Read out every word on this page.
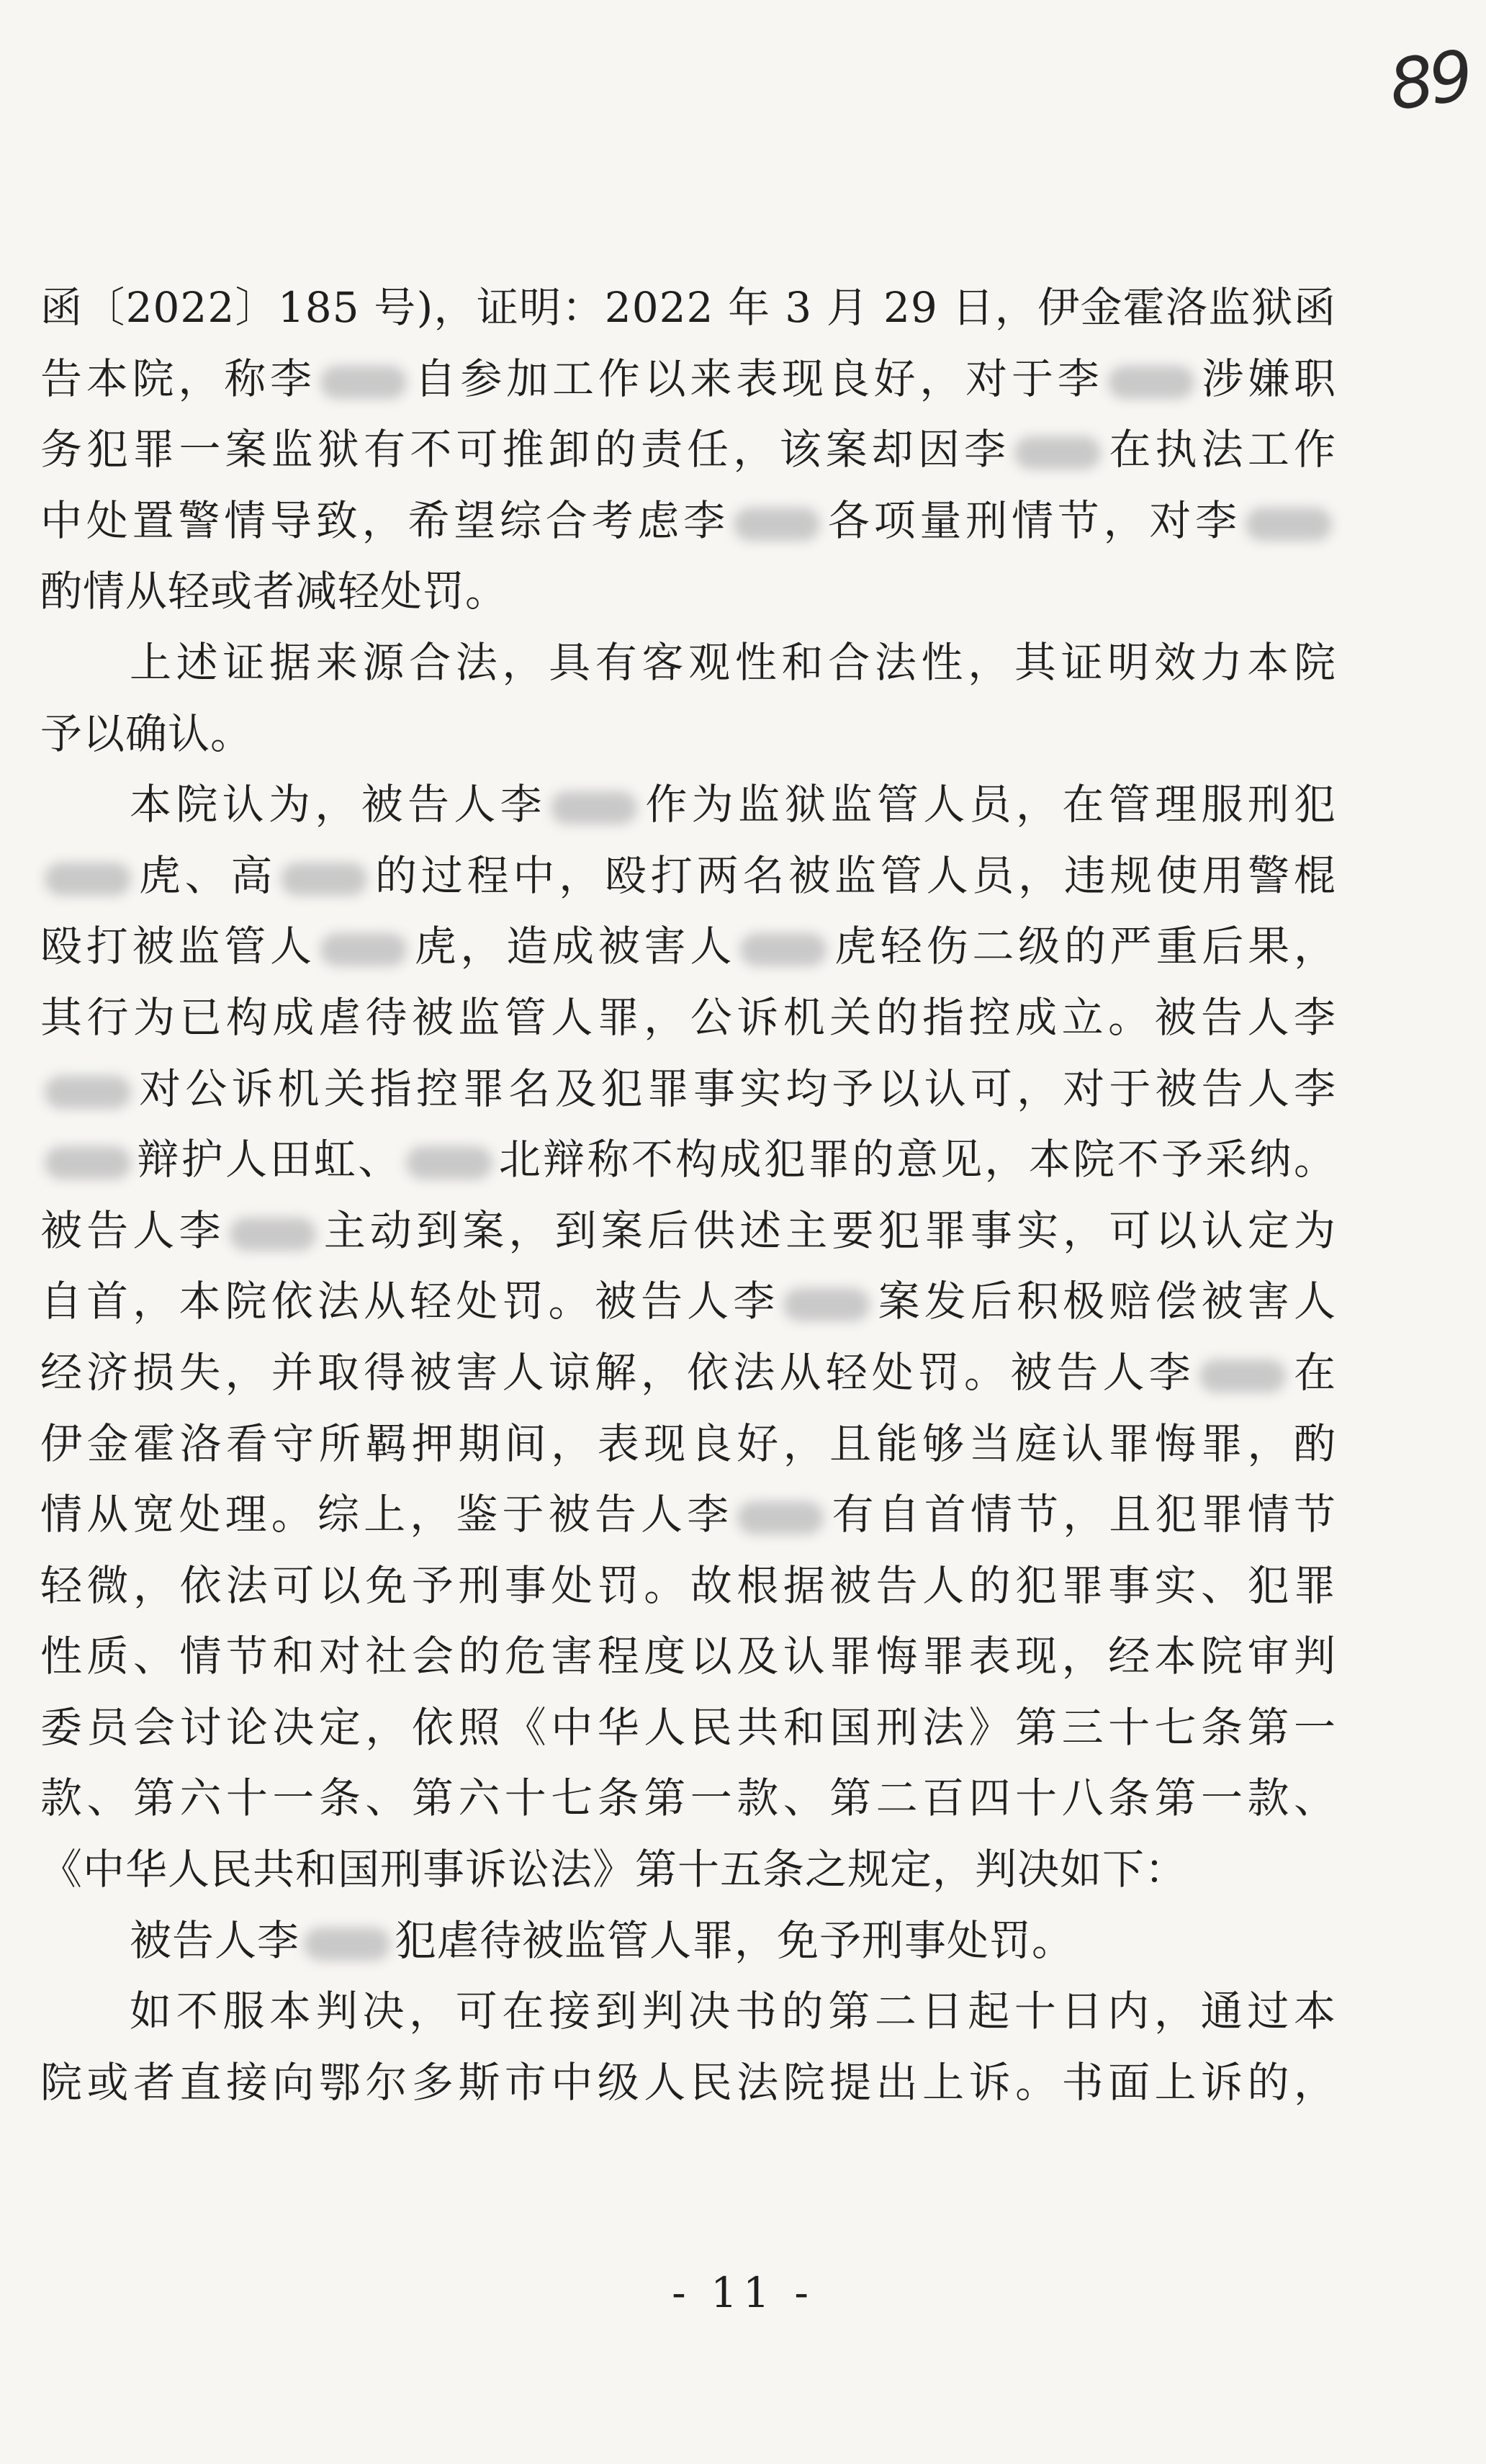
89
函〔2022〕185 号)，证明：2022 年 3 月 29 日，伊金霍洛监狱函
告本院，称李 自参加工作以来表现良好，对于李 涉嫌职
务犯罪一案监狱有不可推卸的责任，该案却因李 在执法工作
中处置警情导致，希望综合考虑李 各项量刑情节，对李
酌情从轻或者减轻处罚。
上述证据来源合法，具有客观性和合法性，其证明效力本院
予以确认。
本院认为，被告人李 作为监狱监管人员，在管理服刑犯
虎、高 的过程中，殴打两名被监管人员，违规使用警棍
殴打被监管人 虎，造成被害人 虎轻伤二级的严重后果，
其行为已构成虐待被监管人罪，公诉机关的指控成立。被告人李
对公诉机关指控罪名及犯罪事实均予以认可，对于被告人李
辩护人田虹、 北辩称不构成犯罪的意见，本院不予采纳。
被告人李 主动到案，到案后供述主要犯罪事实，可以认定为
自首，本院依法从轻处罚。被告人李 案发后积极赔偿被害人
经济损失，并取得被害人谅解，依法从轻处罚。被告人李 在
伊金霍洛看守所羁押期间，表现良好，且能够当庭认罪悔罪，酌
情从宽处理。综上，鉴于被告人李 有自首情节，且犯罪情节
轻微，依法可以免予刑事处罚。故根据被告人的犯罪事实、犯罪
性质、情节和对社会的危害程度以及认罪悔罪表现，经本院审判
委员会讨论决定，依照《中华人民共和国刑法》第三十七条第一
款、第六十一条、第六十七条第一款、第二百四十八条第一款、
《中华人民共和国刑事诉讼法》第十五条之规定，判决如下：
被告人李 犯虐待被监管人罪，免予刑事处罚。
如不服本判决，可在接到判决书的第二日起十日内，通过本
院或者直接向鄂尔多斯市中级人民法院提出上诉。书面上诉的，
- 11 -
